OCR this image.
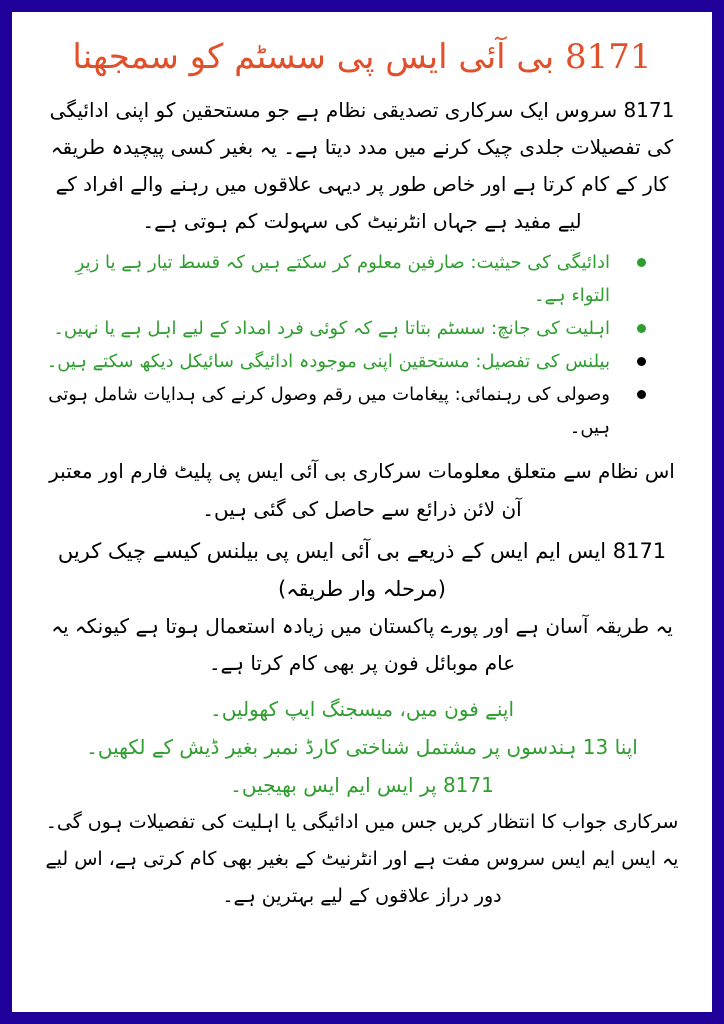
8171 بی آئی ایس پی سسٹم کو سمجھنا

8171 سروس ایک سرکاری تصدیقی نظام ہے جو مستحقین کو اپنی ادائیگی کی تفصیلات جلدی چیک کرنے میں مدد دیتا ہے۔ یہ بغیر کسی پیچیدہ طریقہ کار کے کام کرتا ہے اور خاص طور پر دیہی علاقوں میں رہنے والے افراد کے لیے مفید ہے جہاں انٹرنیٹ کی سہولت کم ہوتی ہے۔

ادائیگی کی حیثیت: صارفین معلوم کر سکتے ہیں کہ قسط تیار ہے یا زیرِ التواء ہے۔
اہلیت کی جانچ: سسٹم بتاتا ہے کہ کوئی فرد امداد کے لیے اہل ہے یا نہیں۔
بیلنس کی تفصیل: مستحقین اپنی موجودہ ادائیگی سائیکل دیکھ سکتے ہیں۔
وصولی کی رہنمائی: پیغامات میں رقم وصول کرنے کی ہدایات شامل ہوتی ہیں۔

اس نظام سے متعلق معلومات سرکاری بی آئی ایس پی پلیٹ فارم اور معتبر آن لائن ذرائع سے حاصل کی گئی ہیں۔

8171 ایس ایم ایس کے ذریعے بی آئی ایس پی بیلنس کیسے چیک کریں (مرحلہ وار طریقہ)

یہ طریقہ آسان ہے اور پورے پاکستان میں زیادہ استعمال ہوتا ہے کیونکہ یہ عام موبائل فون پر بھی کام کرتا ہے۔

اپنے فون میں، میسجنگ ایپ کھولیں۔
اپنا 13 ہندسوں پر مشتمل شناختی کارڈ نمبر بغیر ڈیش کے لکھیں۔
8171 پر ایس ایم ایس بھیجیں۔

سرکاری جواب کا انتظار کریں جس میں ادائیگی یا اہلیت کی تفصیلات ہوں گی۔

یہ ایس ایم ایس سروس مفت ہے اور انٹرنیٹ کے بغیر بھی کام کرتی ہے، اس لیے دور دراز علاقوں کے لیے بہترین ہے۔
